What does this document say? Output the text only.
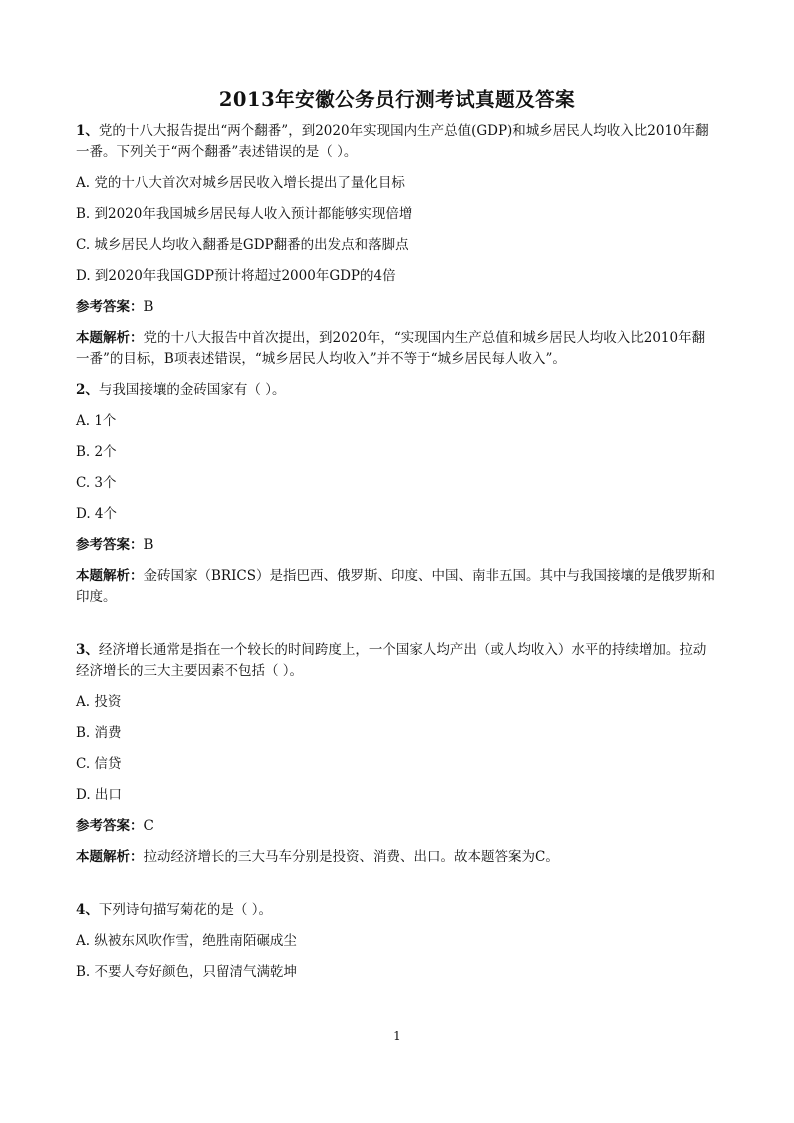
2013年安徽公务员行测考试真题及答案
1、党的十八大报告提出“两个翻番”，到2020年实现国内生产总值(GDP)和城乡居民人均收入比2010年翻一番。下列关于“两个翻番”表述错误的是（ ）。
A. 党的十八大首次对城乡居民收入增长提出了量化目标
B. 到2020年我国城乡居民每人收入预计都能够实现倍增
C. 城乡居民人均收入翻番是GDP翻番的出发点和落脚点
D. 到2020年我国GDP预计将超过2000年GDP的4倍
参考答案：B
本题解析：党的十八大报告中首次提出，到2020年，“实现国内生产总值和城乡居民人均收入比2010年翻一番”的目标，B项表述错误，“城乡居民人均收入”并不等于“城乡居民每人收入”。
2、与我国接壤的金砖国家有（ ）。
A. 1个
B. 2个
C. 3个
D. 4个
参考答案：B
本题解析：金砖国家（BRICS）是指巴西、俄罗斯、印度、中国、南非五国。其中与我国接壤的是俄罗斯和印度。
3、经济增长通常是指在一个较长的时间跨度上，一个国家人均产出（或人均收入）水平的持续增加。拉动经济增长的三大主要因素不包括（ ）。
A. 投资
B. 消费
C. 信贷
D. 出口
参考答案：C
本题解析：拉动经济增长的三大马车分别是投资、消费、出口。故本题答案为C。
4、下列诗句描写菊花的是（ ）。
A. 纵被东风吹作雪，绝胜南陌碾成尘
B. 不要人夸好颜色，只留清气满乾坤
1
